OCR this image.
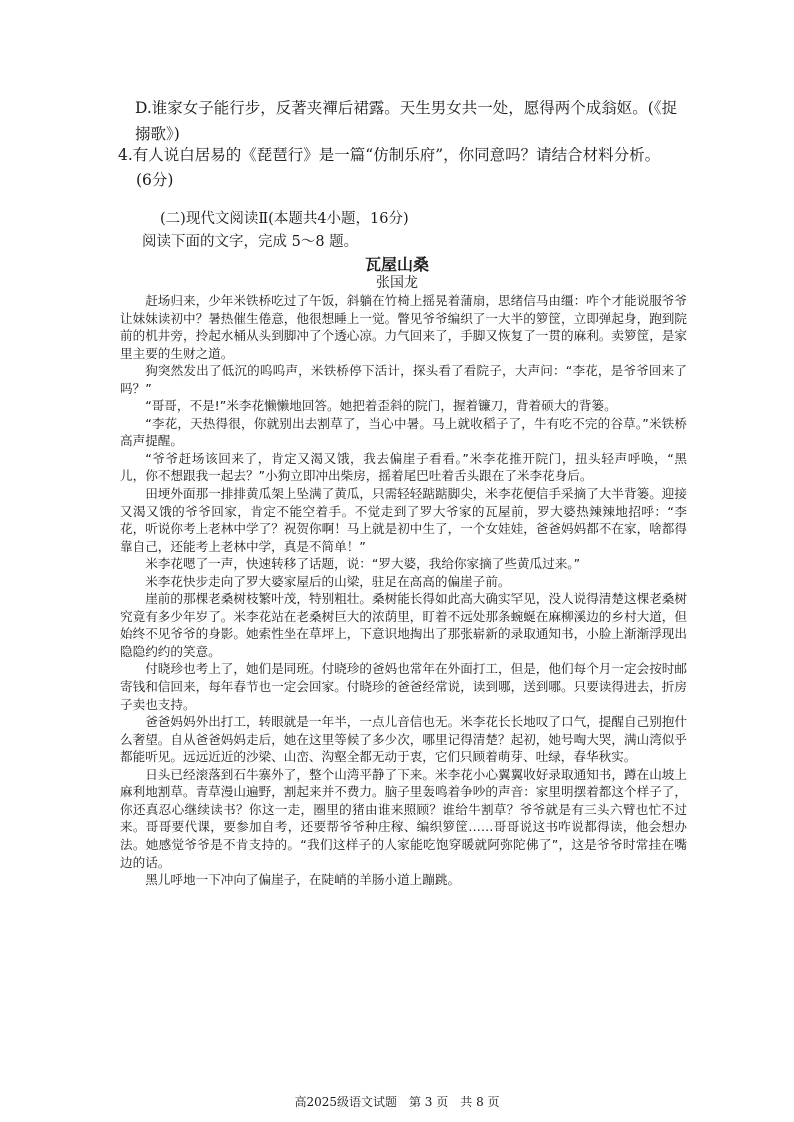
D.谁家女子能行步，反著夹襌后裙露。天生男女共一处，愿得两个成翁妪。(《捉

搦歌》)

4.有人说白居易的《琵琶行》是一篇“仿制乐府”，你同意吗？请结合材料分析。

(6分)

(二)现代文阅读Ⅱ(本题共4小题，16分)
阅读下面的文字，完成 5～8 题。
瓦屋山桑
张国龙

赶场归来，少年米铁桥吃过了午饭，斜躺在竹椅上摇晃着蒲扇，思绪信马由缰：咋个才能说服爷爷让妹妹读初中？暑热催生倦意，他很想睡上一觉。瞥见爷爷编织了一大半的箩筐，立即弹起身，跑到院前的机井旁，拎起水桶从头到脚冲了个透心凉。力气回来了，手脚又恢复了一贯的麻利。卖箩筐，是家里主要的生财之道。

狗突然发出了低沉的呜呜声，米铁桥停下活计，探头看了看院子，大声问：“李花，是爷爷回来了吗？”

“哥哥，不是!”米李花懒懒地回答。她把着歪斜的院门，握着镰刀，背着硕大的背篓。

“李花，天热得很，你就别出去割草了，当心中暑。马上就收稻子了，牛有吃不完的谷草。”米铁桥高声提醒。

“爷爷赶场该回来了，肯定又渴又饿，我去偏崖子看看。”米李花推开院门，扭头轻声呼唤，“黑儿，你不想跟我一起去？”小狗立即冲出柴房，摇着尾巴吐着舌头跟在了米李花身后。

田埂外面那一排排黄瓜架上坠满了黄瓜，只需轻轻踮踮脚尖，米李花便信手采摘了大半背篓。迎接又渴又饿的爷爷回家，肯定不能空着手。不觉走到了罗大爷家的瓦屋前，罗大婆热辣辣地招呼：“李花，听说你考上老林中学了？祝贺你啊！马上就是初中生了，一个女娃娃，爸爸妈妈都不在家，啥都得靠自己，还能考上老林中学，真是不简单！”

米李花嗯了一声，快速转移了话题，说：“罗大婆，我给你家摘了些黄瓜过来。”

米李花快步走向了罗大婆家屋后的山梁，驻足在高高的偏崖子前。

崖前的那棵老桑树枝繁叶茂，特别粗壮。桑树能长得如此高大确实罕见，没人说得清楚这棵老桑树究竟有多少年岁了。米李花站在老桑树巨大的浓荫里，盯着不远处那条蜿蜒在麻柳溪边的乡村大道，但始终不见爷爷的身影。她索性坐在草坪上，下意识地掏出了那张崭新的录取通知书，小脸上渐渐浮现出隐隐约约的笑意。

付晓珍也考上了，她们是同班。付晓珍的爸妈也常年在外面打工，但是，他们每个月一定会按时邮寄钱和信回来，每年春节也一定会回家。付晓珍的爸爸经常说，读到哪，送到哪。只要读得进去，折房子卖也支持。

爸爸妈妈外出打工，转眼就是一年半，一点儿音信也无。米李花长长地叹了口气，提醒自己别抱什么奢望。自从爸爸妈妈走后，她在这里等候了多少次，哪里记得清楚？起初，她号啕大哭，满山湾似乎都能听见。远远近近的沙梁、山峦、沟壑全都无动于衷，它们只顾着萌芽、吐绿，春华秋实。

日头已经滚落到石牛寨外了，整个山湾平静了下来。米李花小心翼翼收好录取通知书，蹲在山坡上麻利地割草。青草漫山遍野，割起来并不费力。脑子里轰鸣着争吵的声音：家里明摆着都这个样子了，你还真忍心继续读书？你这一走，圈里的猪由谁来照顾？谁给牛割草？爷爷就是有三头六臂也忙不过来。哥哥要代课，要参加自考，还要帮爷爷种庄稼、编织箩筐……哥哥说这书咋说都得读，他会想办法。她感觉爷爷是不肯支持的。“我们这样子的人家能吃饱穿暖就阿弥陀佛了”，这是爷爷时常挂在嘴边的话。

黑儿呼地一下冲向了偏崖子，在陡峭的羊肠小道上蹦跳。

高2025级语文试题　第 3 页　共 8 页
